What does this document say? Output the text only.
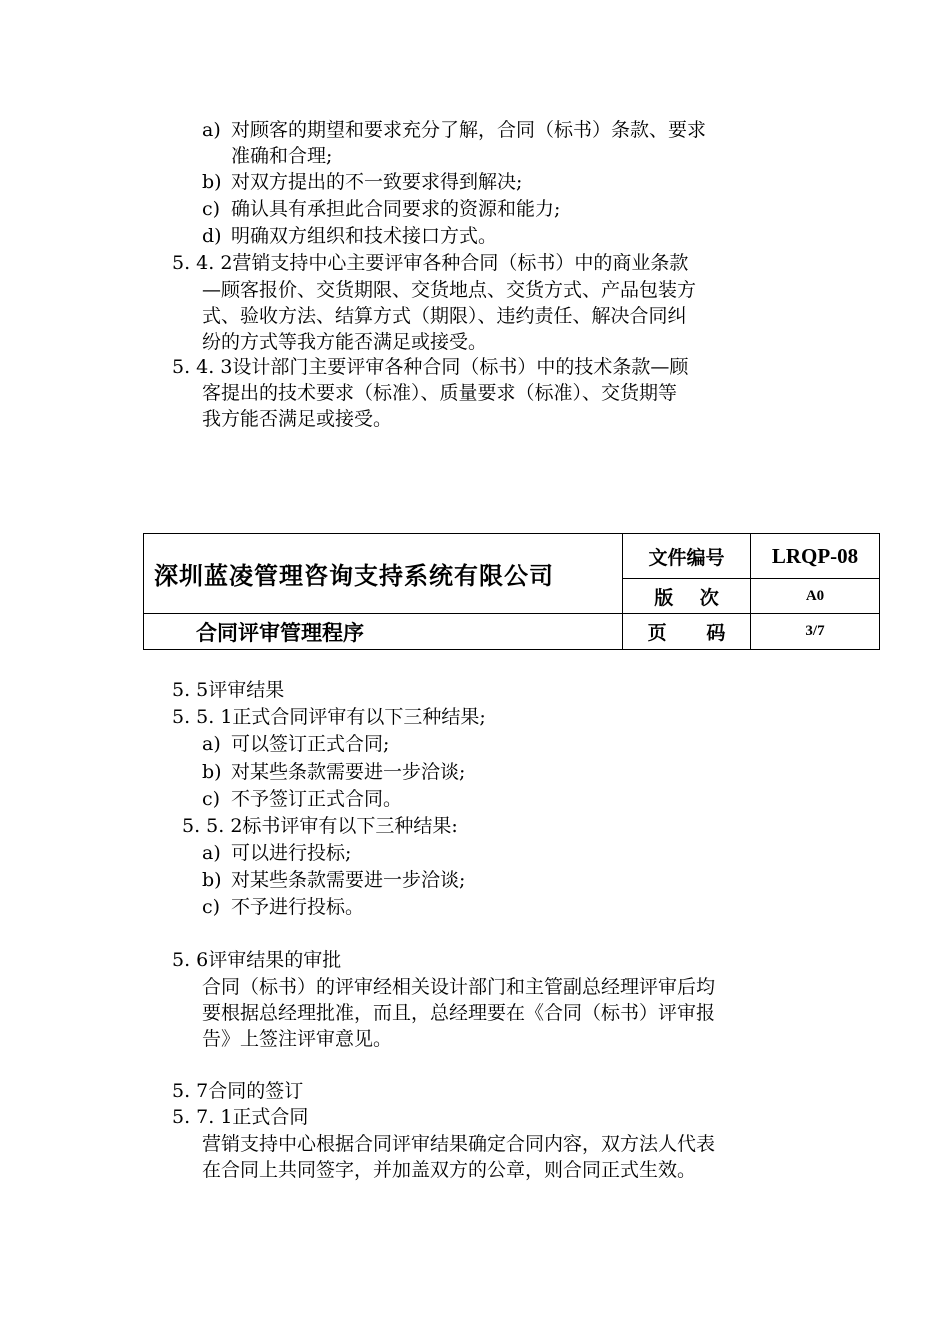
a) 对顾客的期望和要求充分了解，合同（标书）条款、要求
准确和合理;
b) 对双方提出的不一致要求得到解决;
c) 确认具有承担此合同要求的资源和能力;
d) 明确双方组织和技术接口方式。
5. 4. 2营销支持中心主要评审各种合同（标书）中的商业条款
—顾客报价、交货期限、交货地点、交货方式、产品包装方
式、验收方法、结算方式（期限）、违约责任、解决合同纠
纷的方式等我方能否满足或接受。
5. 4. 3设计部门主要评审各种合同（标书）中的技术条款—顾
客提出的技术要求（标准）、质量要求（标准）、交货期等
我方能否满足或接受。
深圳蓝凌管理咨询支持系统有限公司	文件编号	LRQP-08
	版    次	A0
合同评审管理程序	页      码	3/7
5. 5评审结果
5. 5. 1正式合同评审有以下三种结果;
a) 可以签订正式合同;
b) 对某些条款需要进一步洽谈;
c) 不予签订正式合同。
5. 5. 2标书评审有以下三种结果:
a) 可以进行投标;
b) 对某些条款需要进一步洽谈;
c) 不予进行投标。
5. 6评审结果的审批
合同（标书）的评审经相关设计部门和主管副总经理评审后均
要根据总经理批准，而且，总经理要在《合同（标书）评审报
告》上签注评审意见。
5. 7合同的签订
5. 7. 1正式合同
营销支持中心根据合同评审结果确定合同内容，双方法人代表
在合同上共同签字，并加盖双方的公章，则合同正式生效。
